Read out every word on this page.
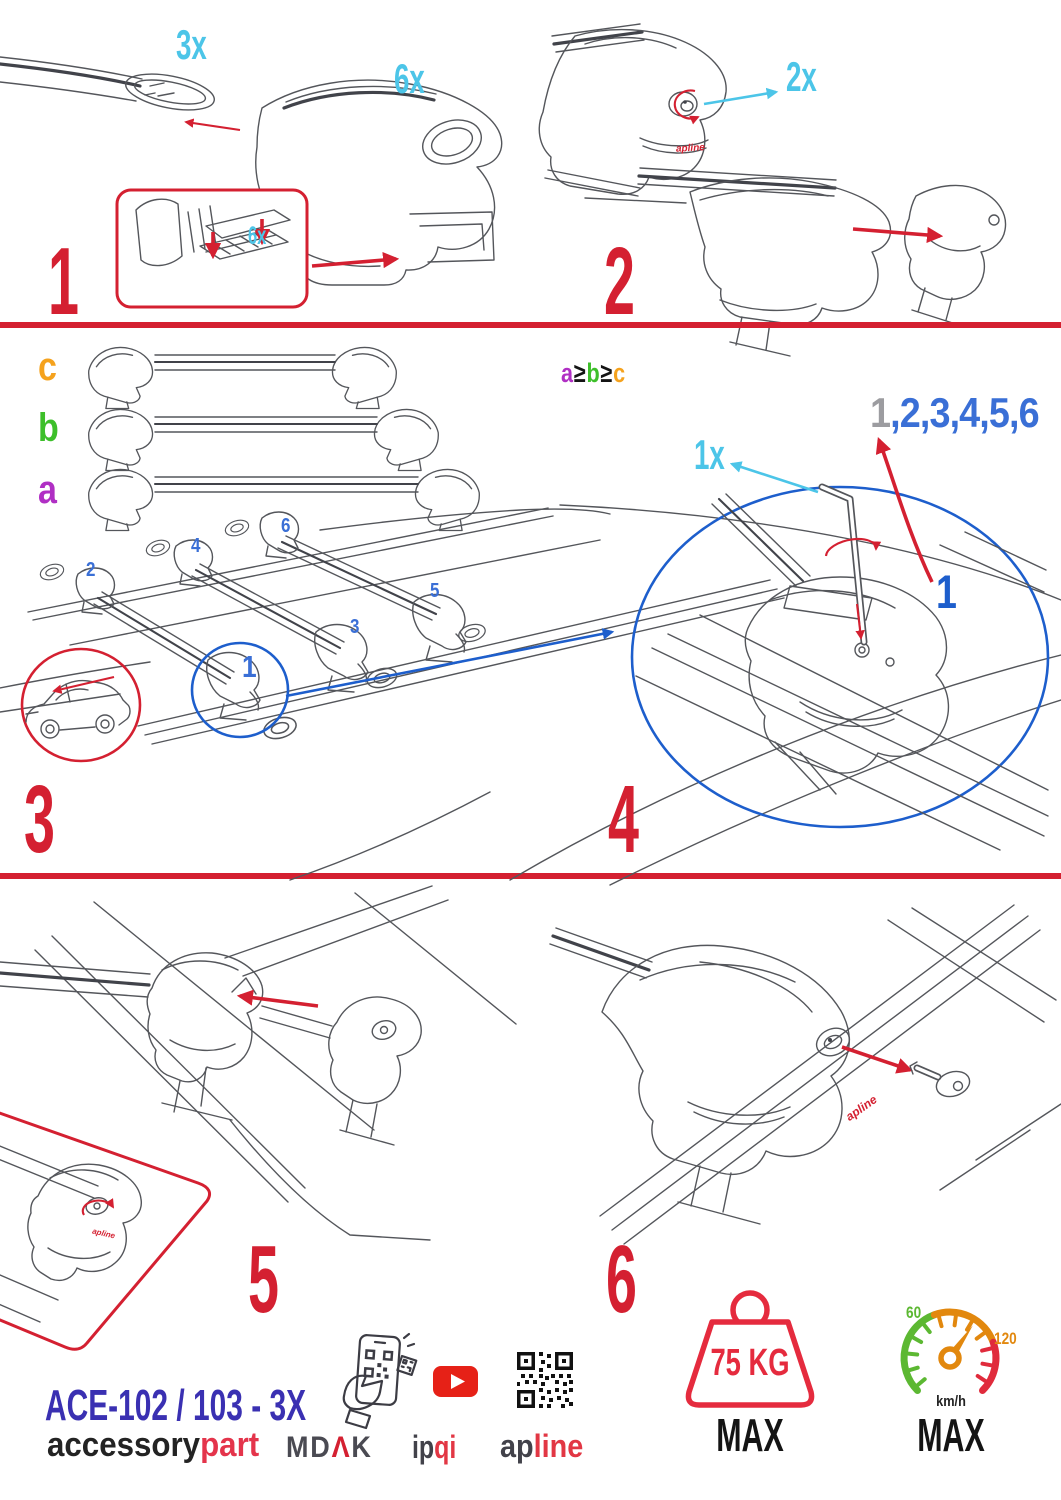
3x
6x
6x
1
2x
2
apline
c
b
a
2
4
6
1
3
5
3
a≥b≥c
1,2,3,4,5,6
1x
1
4
5
apline	6
apline
ACE-102 / 103 - 3X
accessorypart MDΛK ipqi apline
75 KG
MAX
60
120
km/h
MAX
